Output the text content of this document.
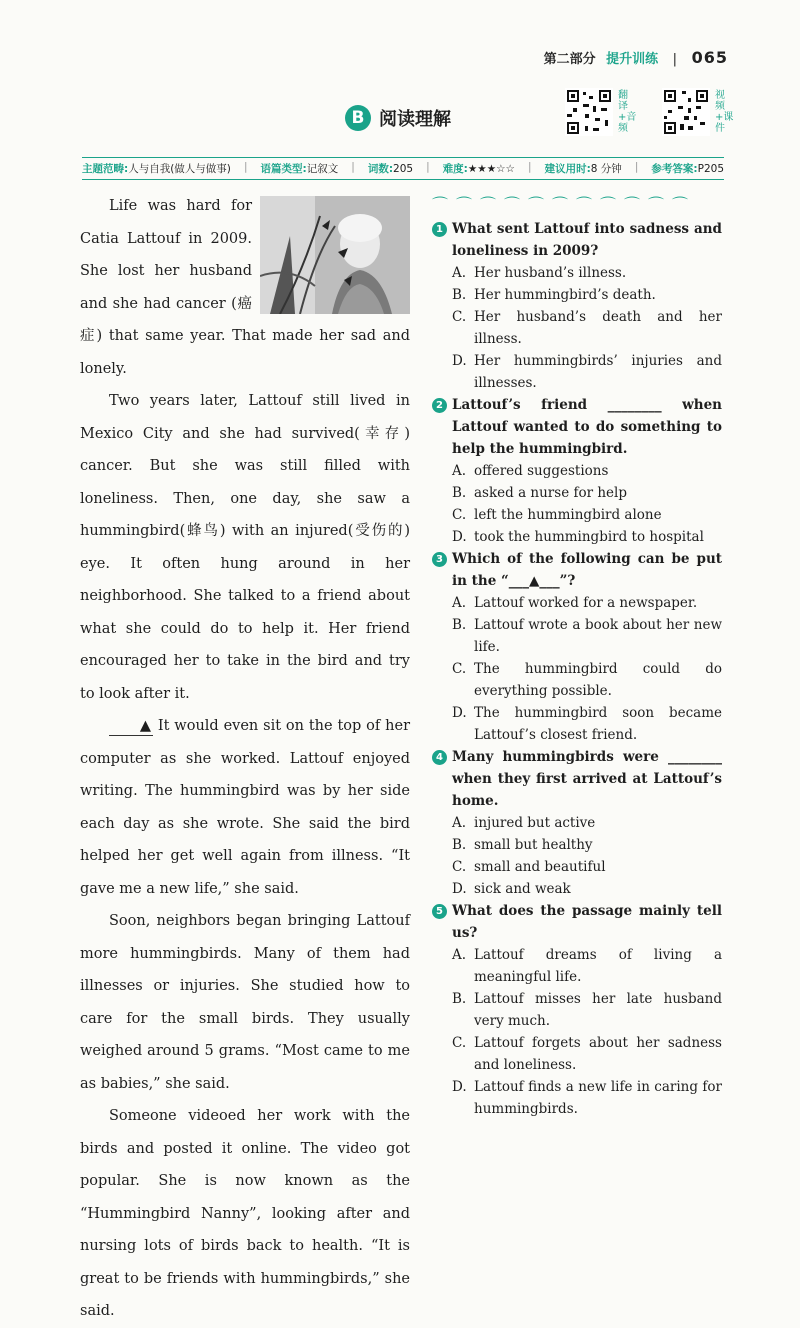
第二部分 提升训练 | 065
B 阅读理解
翻译+音频
视频+课件
主题范畴:人与自我(做人与做事) | 语篇类型:记叙文 | 词数:205 | 难度:★★★☆☆ | 建议用时:8 分钟 | 参考答案:P205

Life was hard for Catia Lattouf in 2009. She lost her husband and she had cancer (癌症) that same year. That made her sad and lonely.

Two years later, Lattouf still lived in Mexico City and she had survived(幸存) cancer. But she was still filled with loneliness. Then, one day, she saw a hummingbird(蜂鸟) with an injured(受伤的) eye. It often hung around in her neighborhood. She talked to a friend about what she could do to help it. Her friend encouraged her to take in the bird and try to look after it.

▲ It would even sit on the top of her computer as she worked. Lattouf enjoyed writing. The hummingbird was by her side each day as she wrote. She said the bird helped her get well again from illness. “It gave me a new life,” she said.

Soon, neighbors began bringing Lattouf more hummingbirds. Many of them had illnesses or injuries. She studied how to care for the small birds. They usually weighed around 5 grams. “Most came to me as babies,” she said.

Someone videoed her work with the birds and posted it online. The video got popular. She is now known as the “Hummingbird Nanny”, looking after and nursing lots of birds back to health. “It is great to be friends with hummingbirds,” she said.

⌒⌒⌒⌒⌒⌒⌒⌒⌒⌒⌒
1 What sent Lattouf into sadness and loneliness in 2009?
A. Her husband’s illness.
B. Her hummingbird’s death.
C. Her husband’s death and her illness.
D. Her hummingbirds’ injuries and illnesses.
2 Lattouf’s friend ________ when Lattouf wanted to do something to help the hummingbird.
A. offered suggestions
B. asked a nurse for help
C. left the hummingbird alone
D. took the hummingbird to hospital
3 Which of the following can be put in the “___▲___”?
A. Lattouf worked for a newspaper.
B. Lattouf wrote a book about her new life.
C. The hummingbird could do everything possible.
D. The hummingbird soon became Lattouf’s closest friend.
4 Many hummingbirds were ________ when they first arrived at Lattouf’s home.
A. injured but active
B. small but healthy
C. small and beautiful
D. sick and weak
5 What does the passage mainly tell us?
A. Lattouf dreams of living a meaningful life.
B. Lattouf misses her late husband very much.
C. Lattouf forgets about her sadness and loneliness.
D. Lattouf finds a new life in caring for hummingbirds.
